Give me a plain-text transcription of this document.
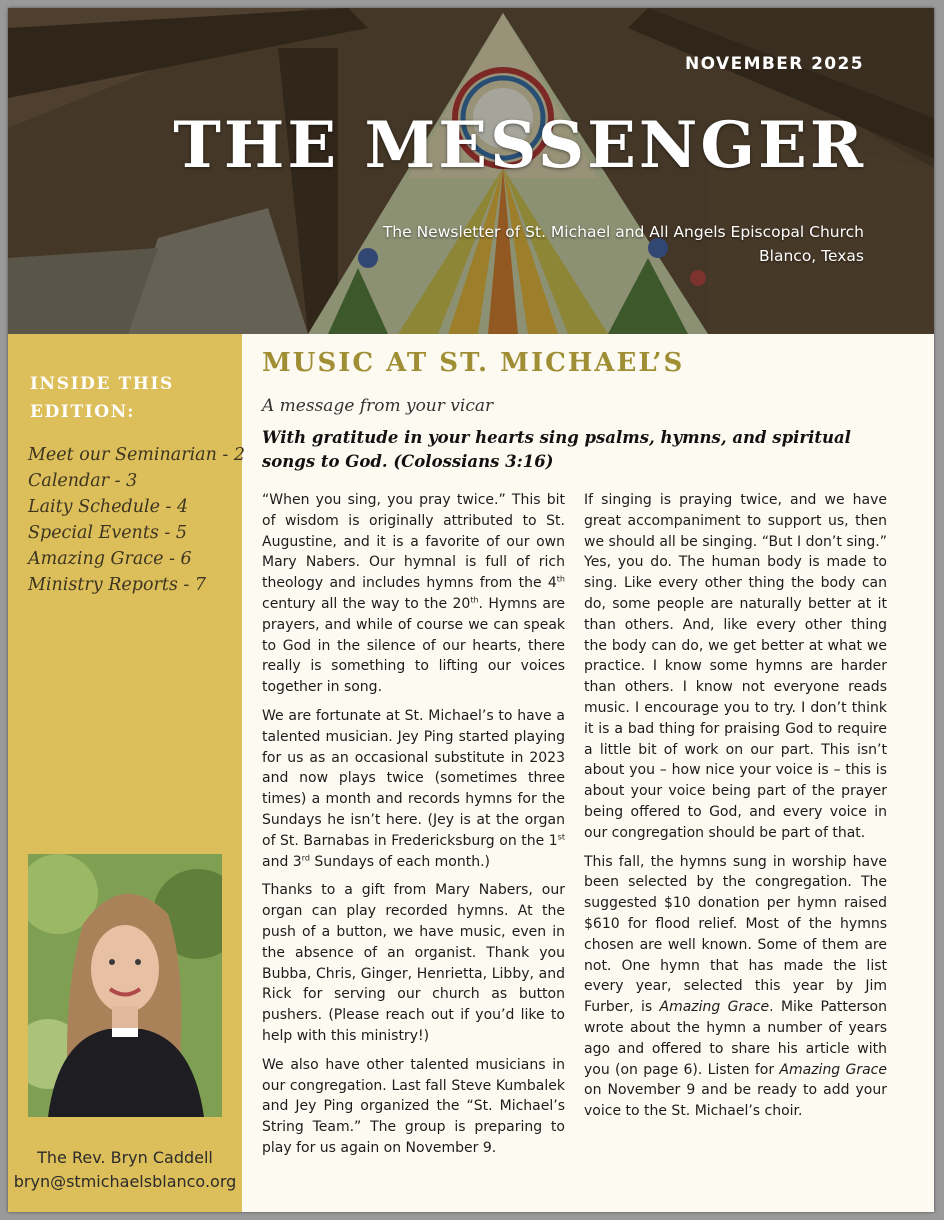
NOVEMBER 2025
THE MESSENGER
The Newsletter of St. Michael and All Angels Episcopal Church
Blanco, Texas
INSIDE THIS
EDITION:
Meet our Seminarian - 2
Calendar - 3
Laity Schedule - 4
Special Events - 5
Amazing Grace - 6
Ministry Reports - 7
The Rev. Bryn Caddell
bryn@stmichaelsblanco.org
MUSIC AT ST. MICHAEL’S
A message from your vicar
With gratitude in your hearts sing psalms, hymns, and spiritual songs to God. (Colossians 3:16)

“When you sing, you pray twice.” This bit of wisdom is originally attributed to St. Augustine, and it is a favorite of our own Mary Nabers. Our hymnal is full of rich theology and includes hymns from the 4th century all the way to the 20th. Hymns are prayers, and while of course we can speak to God in the silence of our hearts, there really is something to lifting our voices together in song.

We are fortunate at St. Michael’s to have a talented musician. Jey Ping started playing for us as an occasional substitute in 2023 and now plays twice (sometimes three times) a month and records hymns for the Sundays he isn’t here. (Jey is at the organ of St. Barnabas in Fredericksburg on the 1st and 3rd Sundays of each month.)

Thanks to a gift from Mary Nabers, our organ can play recorded hymns. At the push of a button, we have music, even in the absence of an organist. Thank you Bubba, Chris, Ginger, Henrietta, Libby, and Rick for serving our church as button pushers. (Please reach out if you’d like to help with this ministry!)

We also have other talented musicians in our congregation. Last fall Steve Kumbalek and Jey Ping organized the “St. Michael’s String Team.” The group is preparing to play for us again on November 9.

If singing is praying twice, and we have great accompaniment to support us, then we should all be singing. “But I don’t sing.” Yes, you do. The human body is made to sing. Like every other thing the body can do, some people are naturally better at it than others. And, like every other thing the body can do, we get better at what we practice. I know some hymns are harder than others. I know not everyone reads music. I encourage you to try. I don’t think it is a bad thing for praising God to require a little bit of work on our part. This isn’t about you – how nice your voice is – this is about your voice being part of the prayer being offered to God, and every voice in our congregation should be part of that.

This fall, the hymns sung in worship have been selected by the congregation. The suggested $10 donation per hymn raised $610 for flood relief. Most of the hymns chosen are well known. Some of them are not. One hymn that has made the list every year, selected this year by Jim Furber, is Amazing Grace. Mike Patterson wrote about the hymn a number of years ago and offered to share his article with you (on page 6). Listen for Amazing Grace on November 9 and be ready to add your voice to the St. Michael’s choir.
